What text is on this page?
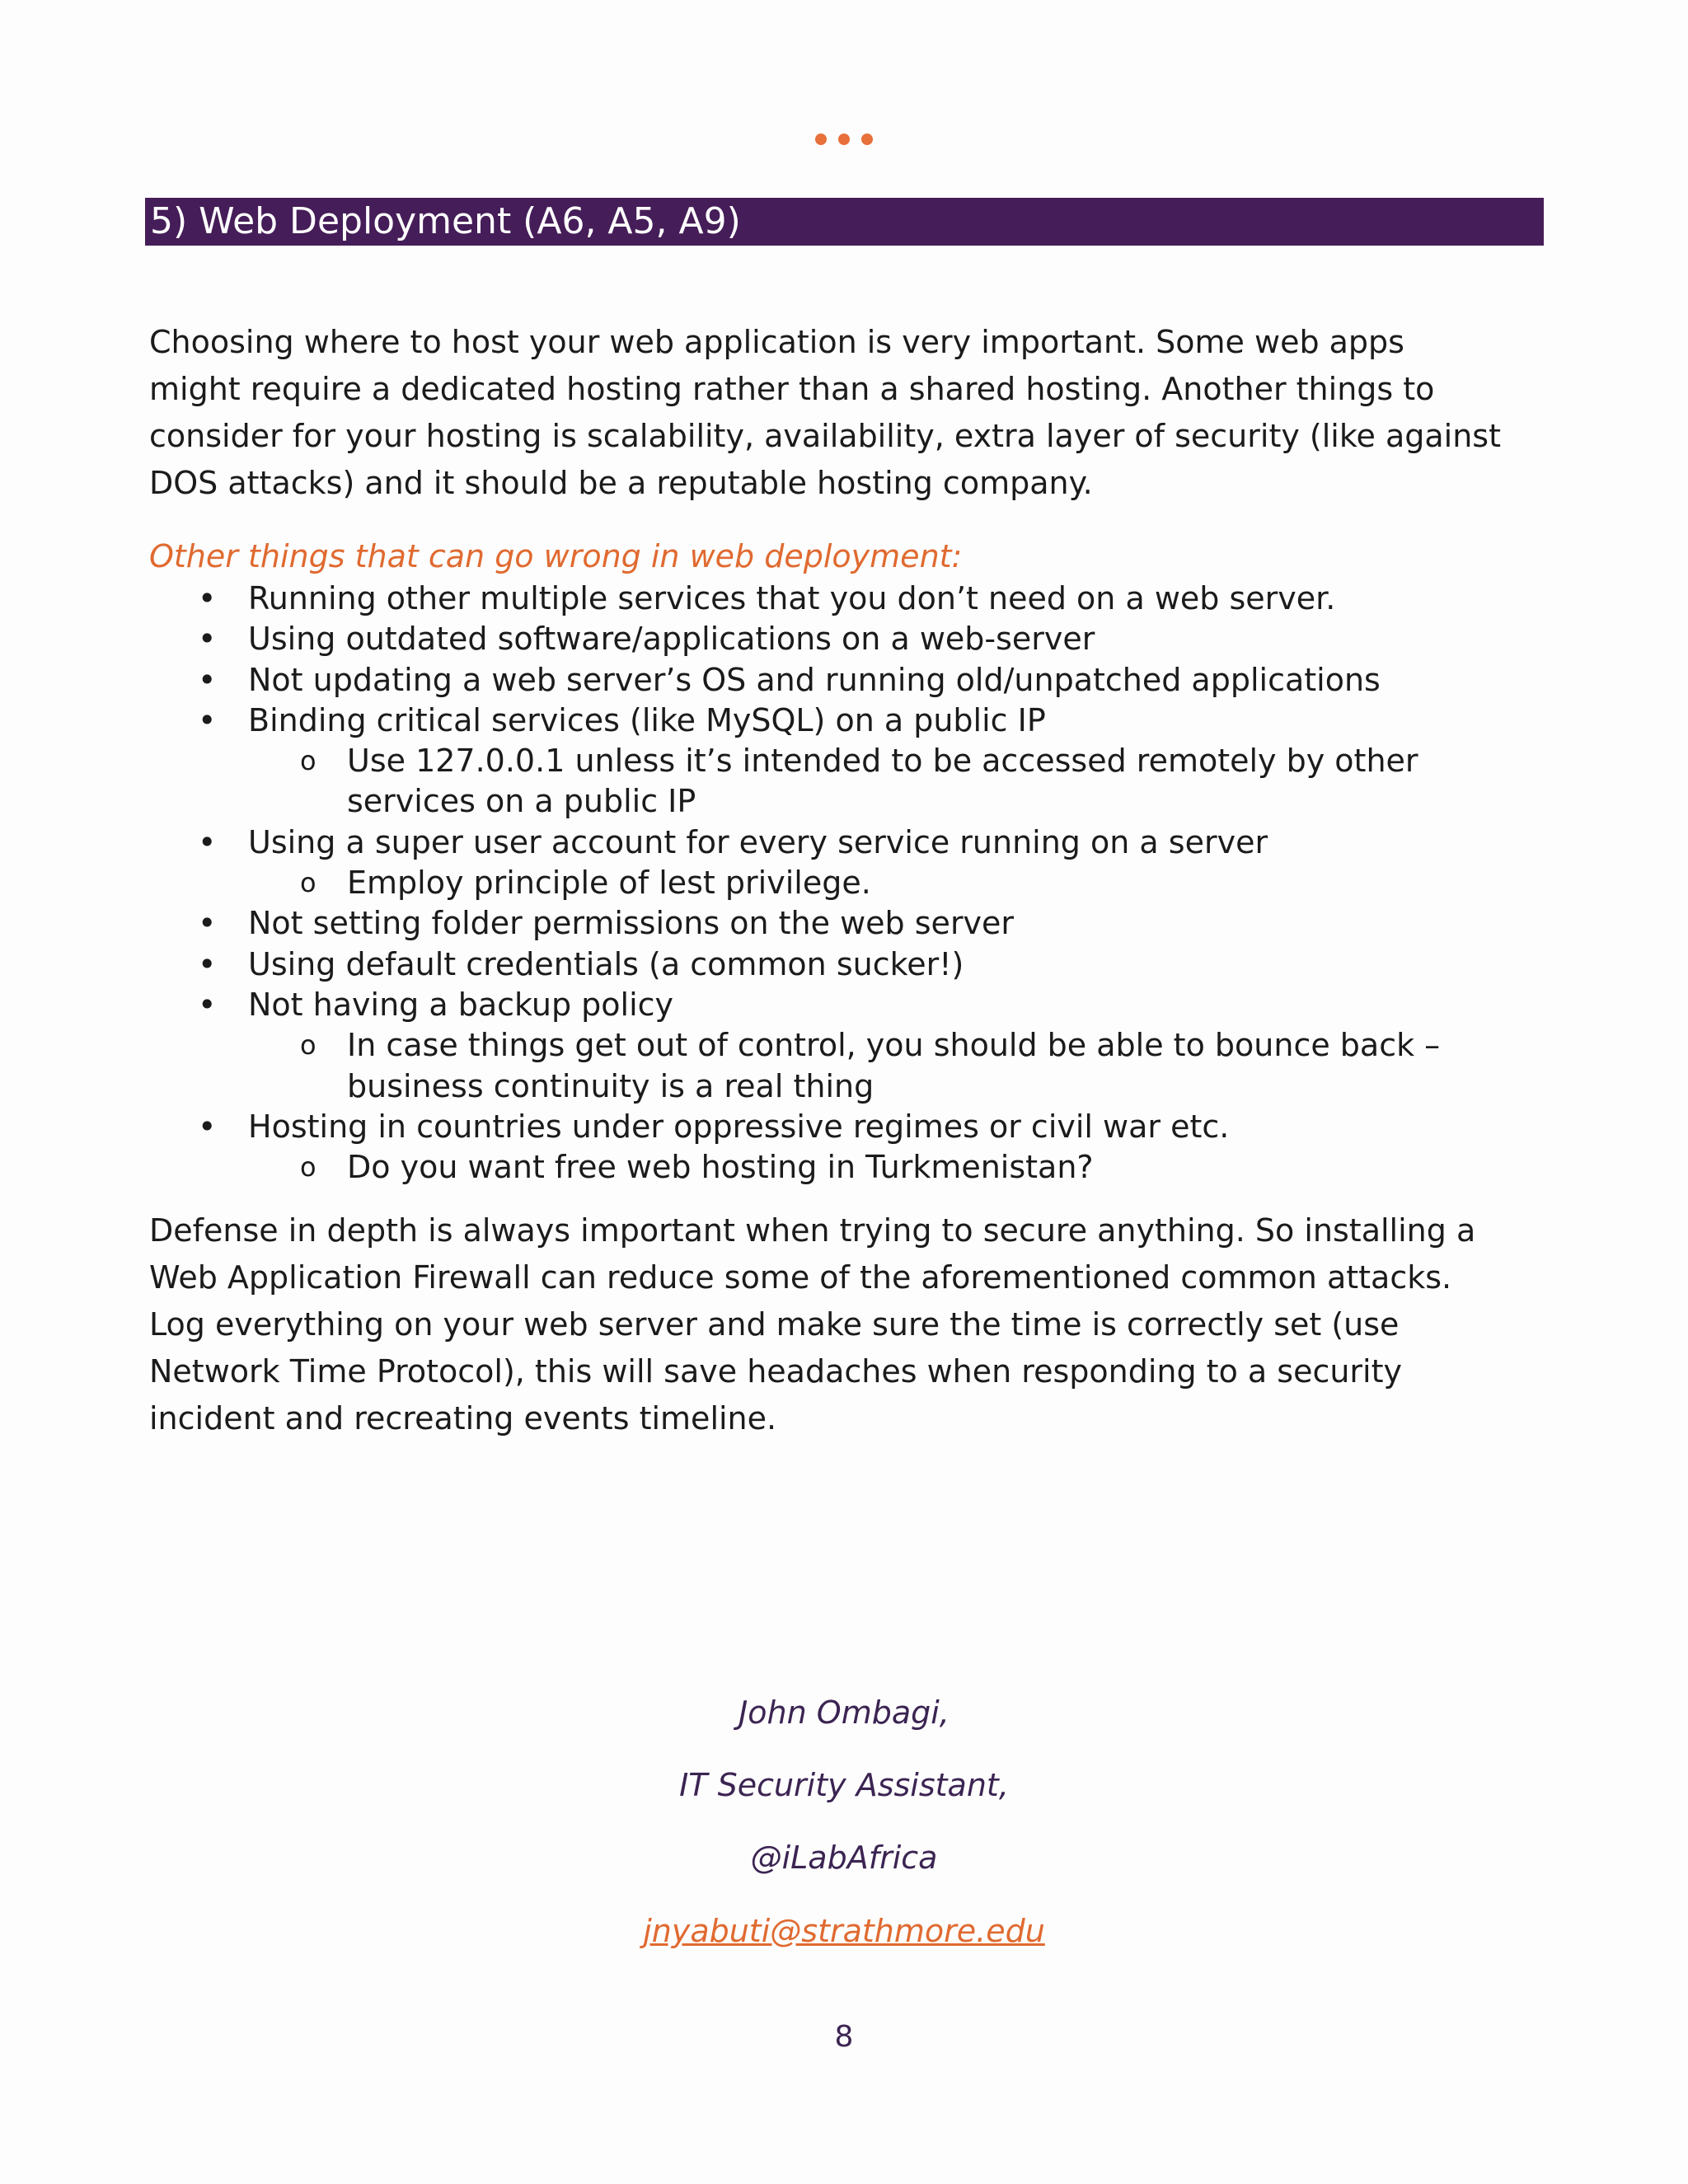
5) Web Deployment (A6, A5, A9)
Choosing where to host your web application is very important. Some web apps
might require a dedicated hosting rather than a shared hosting. Another things to
consider for your hosting is scalability, availability, extra layer of security (like against
DOS attacks) and it should be a reputable hosting company.
Other things that can go wrong in web deployment:
• Running other multiple services that you don’t need on a web server.
• Using outdated software/applications on a web-server
• Not updating a web server’s OS and running old/unpatched applications
• Binding critical services (like MySQL) on a public IP
o Use 127.0.0.1 unless it’s intended to be accessed remotely by other
services on a public IP
• Using a super user account for every service running on a server
o Employ principle of lest privilege.
• Not setting folder permissions on the web server
• Using default credentials (a common sucker!)
• Not having a backup policy
o In case things get out of control, you should be able to bounce back –
business continuity is a real thing
• Hosting in countries under oppressive regimes or civil war etc.
o Do you want free web hosting in Turkmenistan?
Defense in depth is always important when trying to secure anything. So installing a
Web Application Firewall can reduce some of the aforementioned common attacks.
Log everything on your web server and make sure the time is correctly set (use
Network Time Protocol), this will save headaches when responding to a security
incident and recreating events timeline.
John Ombagi,
IT Security Assistant,
@iLabAfrica
jnyabuti@strathmore.edu
8
